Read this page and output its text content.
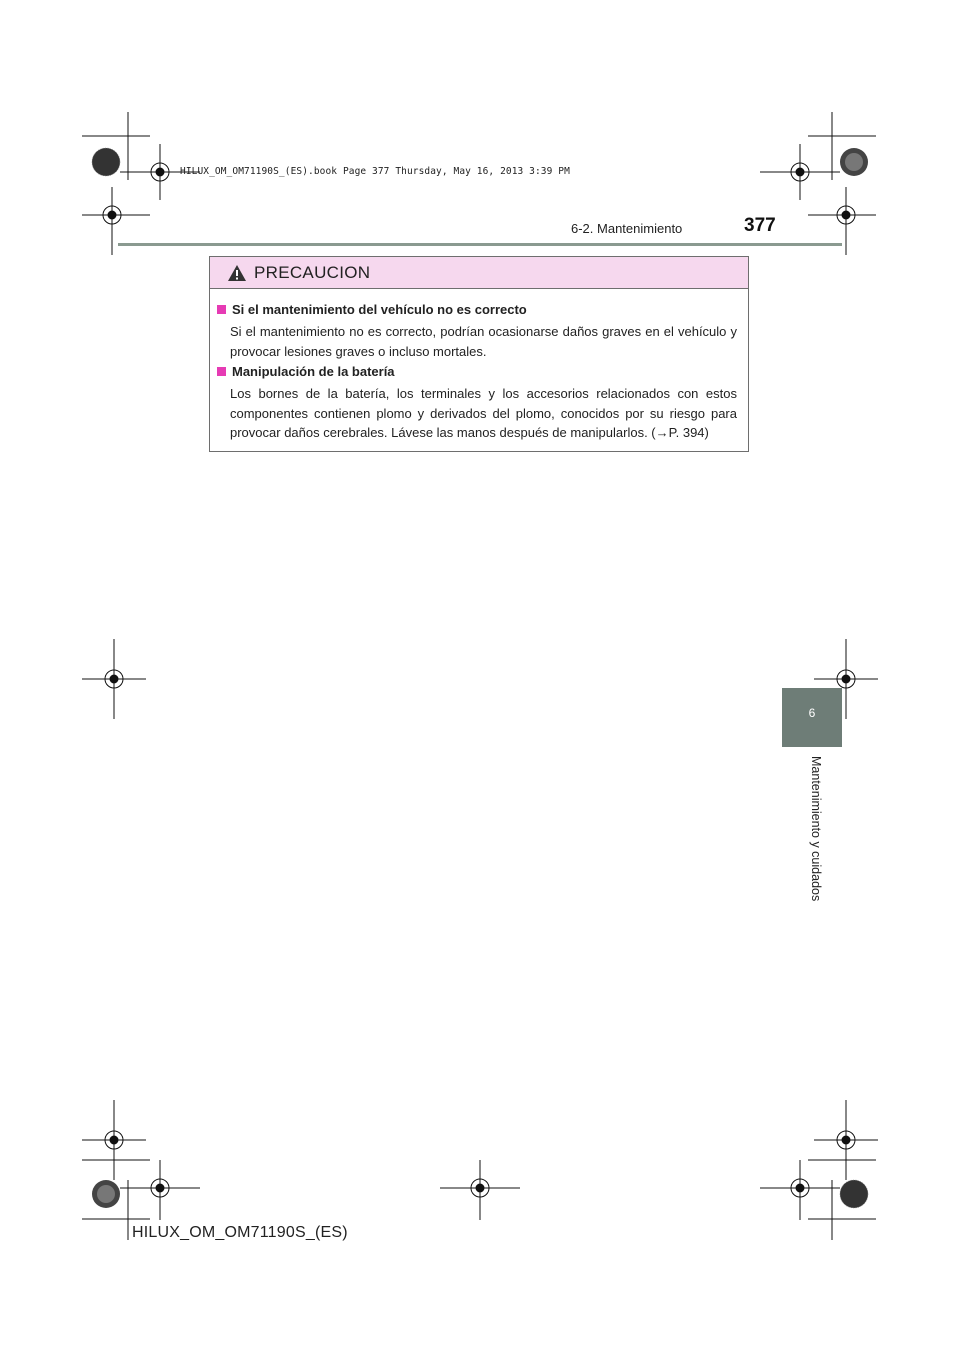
HILUX_OM_OM71190S_(ES).book Page 377 Thursday, May 16, 2013 3:39 PM
6-2. Mantenimiento	377
PRECAUCION
Si el mantenimiento del vehículo no es correcto
Si el mantenimiento no es correcto, podrían ocasionarse daños graves en el vehículo y provocar lesiones graves o incluso mortales.
Manipulación de la batería
Los bornes de la batería, los terminales y los accesorios relacionados con estos componentes contienen plomo y derivados del plomo, conocidos por su riesgo para provocar daños cerebrales. Lávese las manos después de manipularlos. (→P. 394)
6
Mantenimiento y cuidados
HILUX_OM_OM71190S_(ES)
